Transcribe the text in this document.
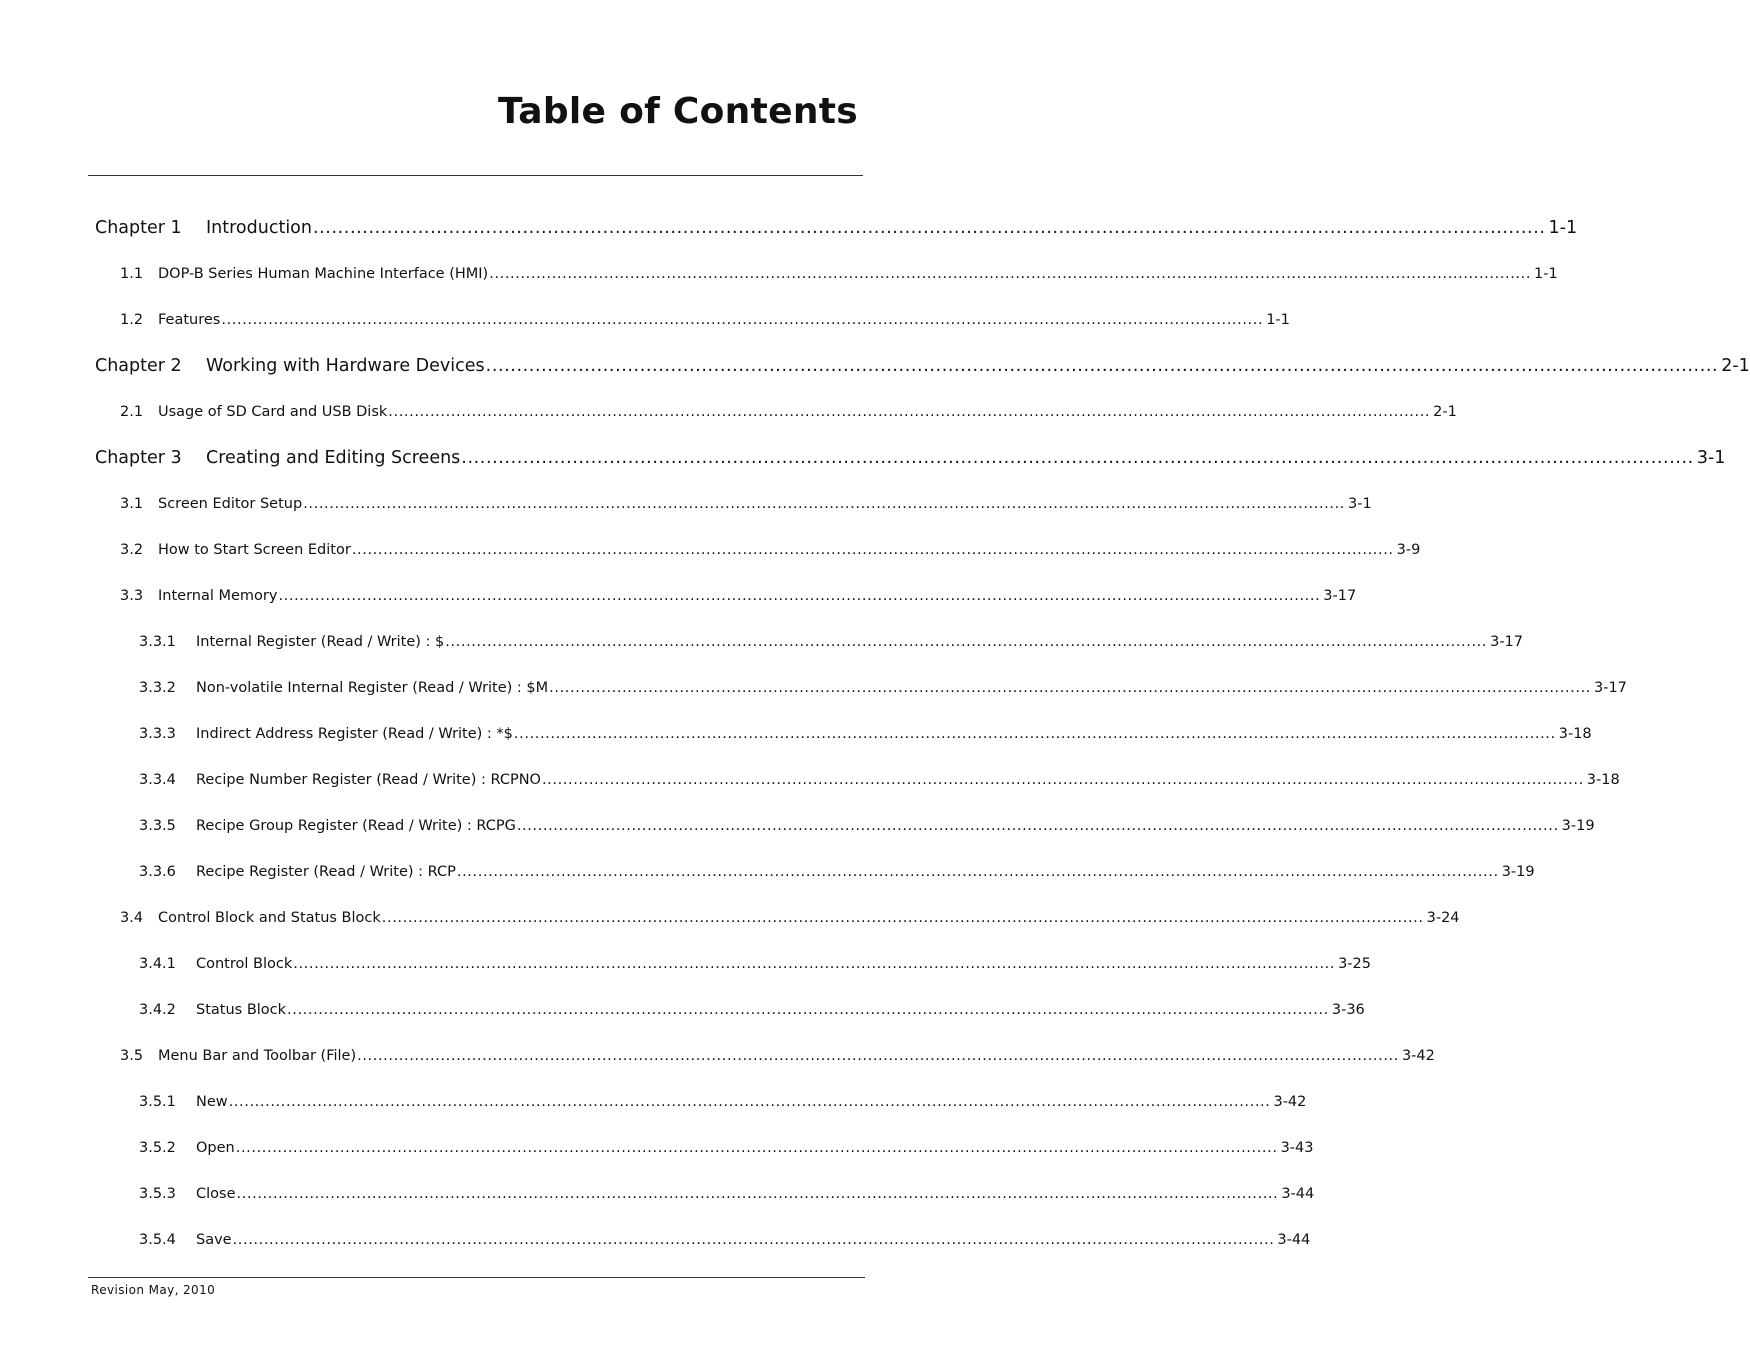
Table of Contents
Chapter 1	Introduction ........................................................................................................................................................................................................ 1-1
1.1	DOP-B Series Human Machine Interface (HMI) ........................................................................................................................................................................................................ 1-1
1.2	Features ........................................................................................................................................................................................................ 1-1
Chapter 2	Working with Hardware Devices ........................................................................................................................................................................................................ 2-1
2.1	Usage of SD Card and USB Disk ........................................................................................................................................................................................................ 2-1
Chapter 3	Creating and Editing Screens ........................................................................................................................................................................................................ 3-1
3.1	Screen Editor Setup ........................................................................................................................................................................................................ 3-1
3.2	How to Start Screen Editor ........................................................................................................................................................................................................ 3-9
3.3	Internal Memory ........................................................................................................................................................................................................ 3-17
3.3.1	Internal Register (Read / Write) : $ ........................................................................................................................................................................................................ 3-17
3.3.2	Non-volatile Internal Register (Read / Write) : $M ........................................................................................................................................................................................................ 3-17
3.3.3	Indirect Address Register (Read / Write) : *$ ........................................................................................................................................................................................................ 3-18
3.3.4	Recipe Number Register (Read / Write) : RCPNO ........................................................................................................................................................................................................ 3-18
3.3.5	Recipe Group Register (Read / Write) : RCPG ........................................................................................................................................................................................................ 3-19
3.3.6	Recipe Register (Read / Write) : RCP ........................................................................................................................................................................................................ 3-19
3.4	Control Block and Status Block ........................................................................................................................................................................................................ 3-24
3.4.1	Control Block ........................................................................................................................................................................................................ 3-25
3.4.2	Status Block ........................................................................................................................................................................................................ 3-36
3.5	Menu Bar and Toolbar (File) ........................................................................................................................................................................................................ 3-42
3.5.1	New ........................................................................................................................................................................................................ 3-42
3.5.2	Open ........................................................................................................................................................................................................ 3-43
3.5.3	Close ........................................................................................................................................................................................................ 3-44
3.5.4	Save ........................................................................................................................................................................................................ 3-44
Revision May, 2010
